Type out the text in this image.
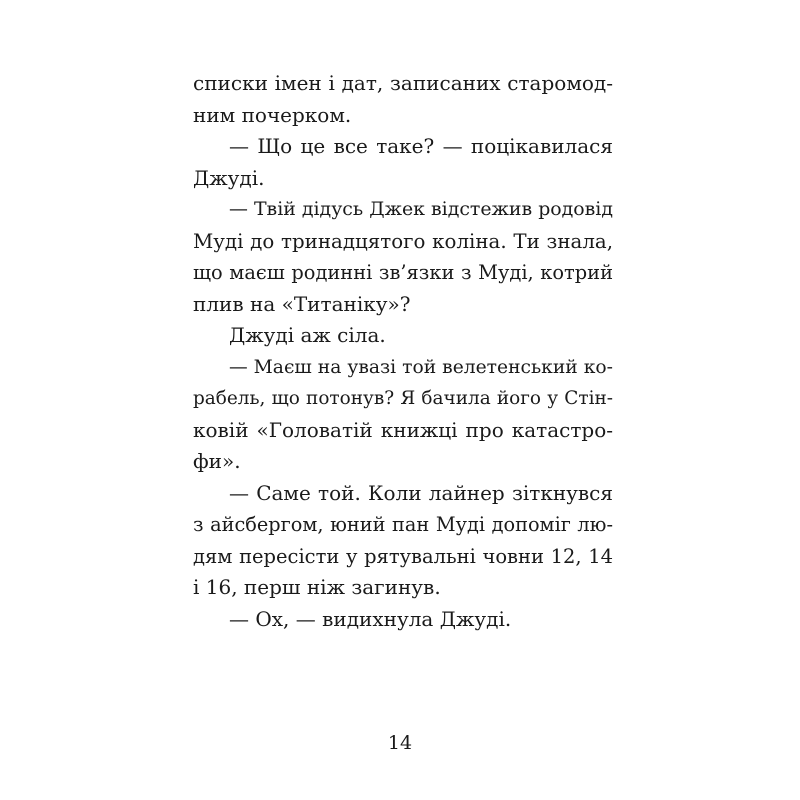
списки імен і дат, записаних старомод-
ним почерком.
— Що це все таке? — поцікавилася
Джуді.
— Твій дідусь Джек відстежив родовід
Муді до тринадцятого коліна. Ти знала,
що маєш родинні зв’язки з Муді, котрий
плив на «Титаніку»?
Джуді аж сіла.
— Маєш на увазі той велетенський ко-
рабель, що потонув? Я бачила його у Стін-
ковій «Головатій книжці про катастро-
фи».
— Саме той. Коли лайнер зіткнувся
з айсбергом, юний пан Муді допоміг лю-
дям пересісти у рятувальні човни 12, 14
і 16, перш ніж загинув.
— Ох, — видихнула Джуді.
14
